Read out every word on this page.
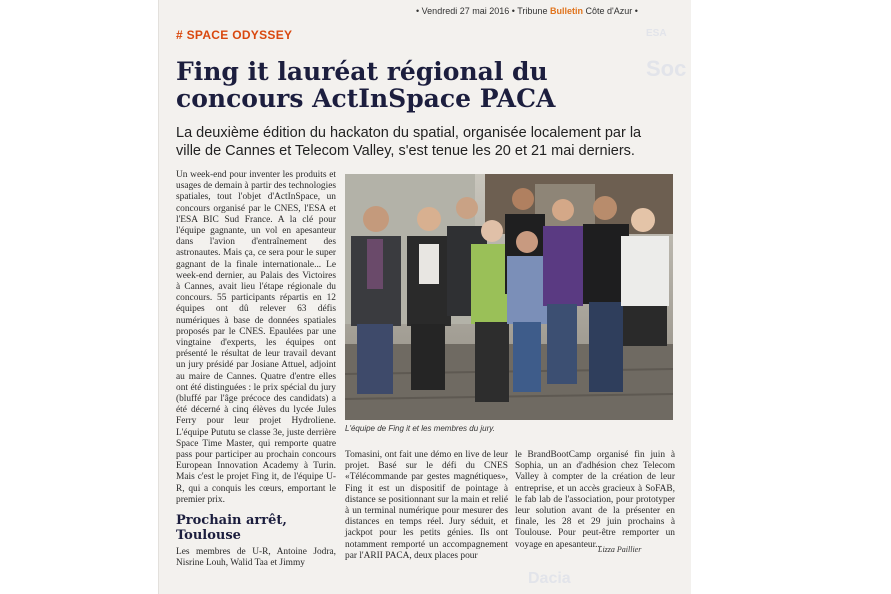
ESA
Soc
Dacia
• Vendredi 27 mai 2016 • Tribune Bulletin Côte d'Azur •
# SPACE ODYSSEY
Fing it lauréat régional du concours ActInSpace PACA
La deuxième édition du hackaton du spatial, organisée localement par la ville de Cannes et Telecom Valley, s'est tenue les 20 et 21 mai derniers.
Un week-end pour inventer les produits et usages de demain à partir des technologies spatiales, tout l'objet d'ActInSpace, un concours organisé par le CNES, l'ESA et l'ESA BIC Sud France. A la clé pour l'équipe gagnante, un vol en apesanteur dans l'avion d'entraînement des astronautes. Mais ça, ce sera pour le super gagnant de la finale internationale... Le week-end dernier, au Palais des Victoires à Cannes, avait lieu l'étape régionale du concours. 55 participants répartis en 12 équipes ont dû relever 63 défis numériques à base de données spatiales proposés par le CNES. Epaulées par une vingtaine d'experts, les équipes ont présenté le résultat de leur travail devant un jury présidé par Josiane Attuel, adjoint au maire de Cannes. Quatre d'entre elles ont été distinguées : le prix spécial du jury (bluffé par l'âge précoce des candidats) a été décerné à cinq élèves du lycée Jules Ferry pour leur projet Hydroliene. L'équipe Pututu se classe 3e, juste derrière Space Time Master, qui remporte quatre pass pour participer au prochain concours European Innovation Academy à Turin. Mais c'est le projet Fing it, de l'équipe U-R, qui a conquis les cœurs, emportant le premier prix.
Prochain arrêt, Toulouse
Les membres de U-R, Antoine Jodra, Nisrine Louh, Walid Taa et Jimmy
L'équipe de Fing it et les membres du jury.
Tomasini, ont fait une démo en live de leur projet. Basé sur le défi du CNES «Télécommande par gestes magnétiques», Fing it est un dispositif de pointage à distance se positionnant sur la main et relié à un terminal numérique pour mesurer des distances en temps réel. Jury séduit, et jackpot pour les petits génies. Ils ont notamment remporté un accompagnement par l'ARII PACA, deux places pour
le BrandBootCamp organisé fin juin à Sophia, un an d'adhésion chez Telecom Valley à compter de la création de leur entreprise, et un accès gracieux à SoFAB, le fab lab de l'association, pour prototyper leur solution avant de la présenter en finale, les 28 et 29 juin prochains à Toulouse. Pour peut-être remporter un voyage en apesanteur...
Lizza Paillier
